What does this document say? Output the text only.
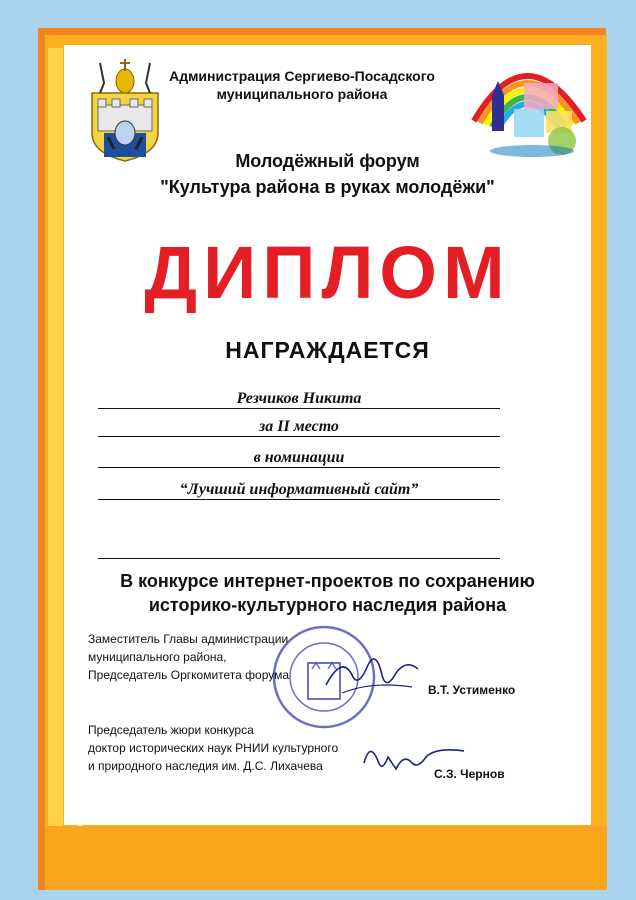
Администрация Сергиево-Посадского
муниципального района
Молодёжный форум
"Культура района в руках молодёжи"
ДИПЛОМ
НАГРАЖДАЕТСЯ
Резчиков Никита
за II место
в номинации
“Лучший информативный сайт”
В конкурсе интернет-проектов по сохранению
историко-культурного наследия района
Заместитель Главы администрации
муниципального района,
Председатель Оргкомитета форума
В.Т. Устименко
Председатель жюри конкурса
доктор исторических наук РНИИ культурного
и природного наследия им. Д.С. Лихачева
С.З. Чернов
